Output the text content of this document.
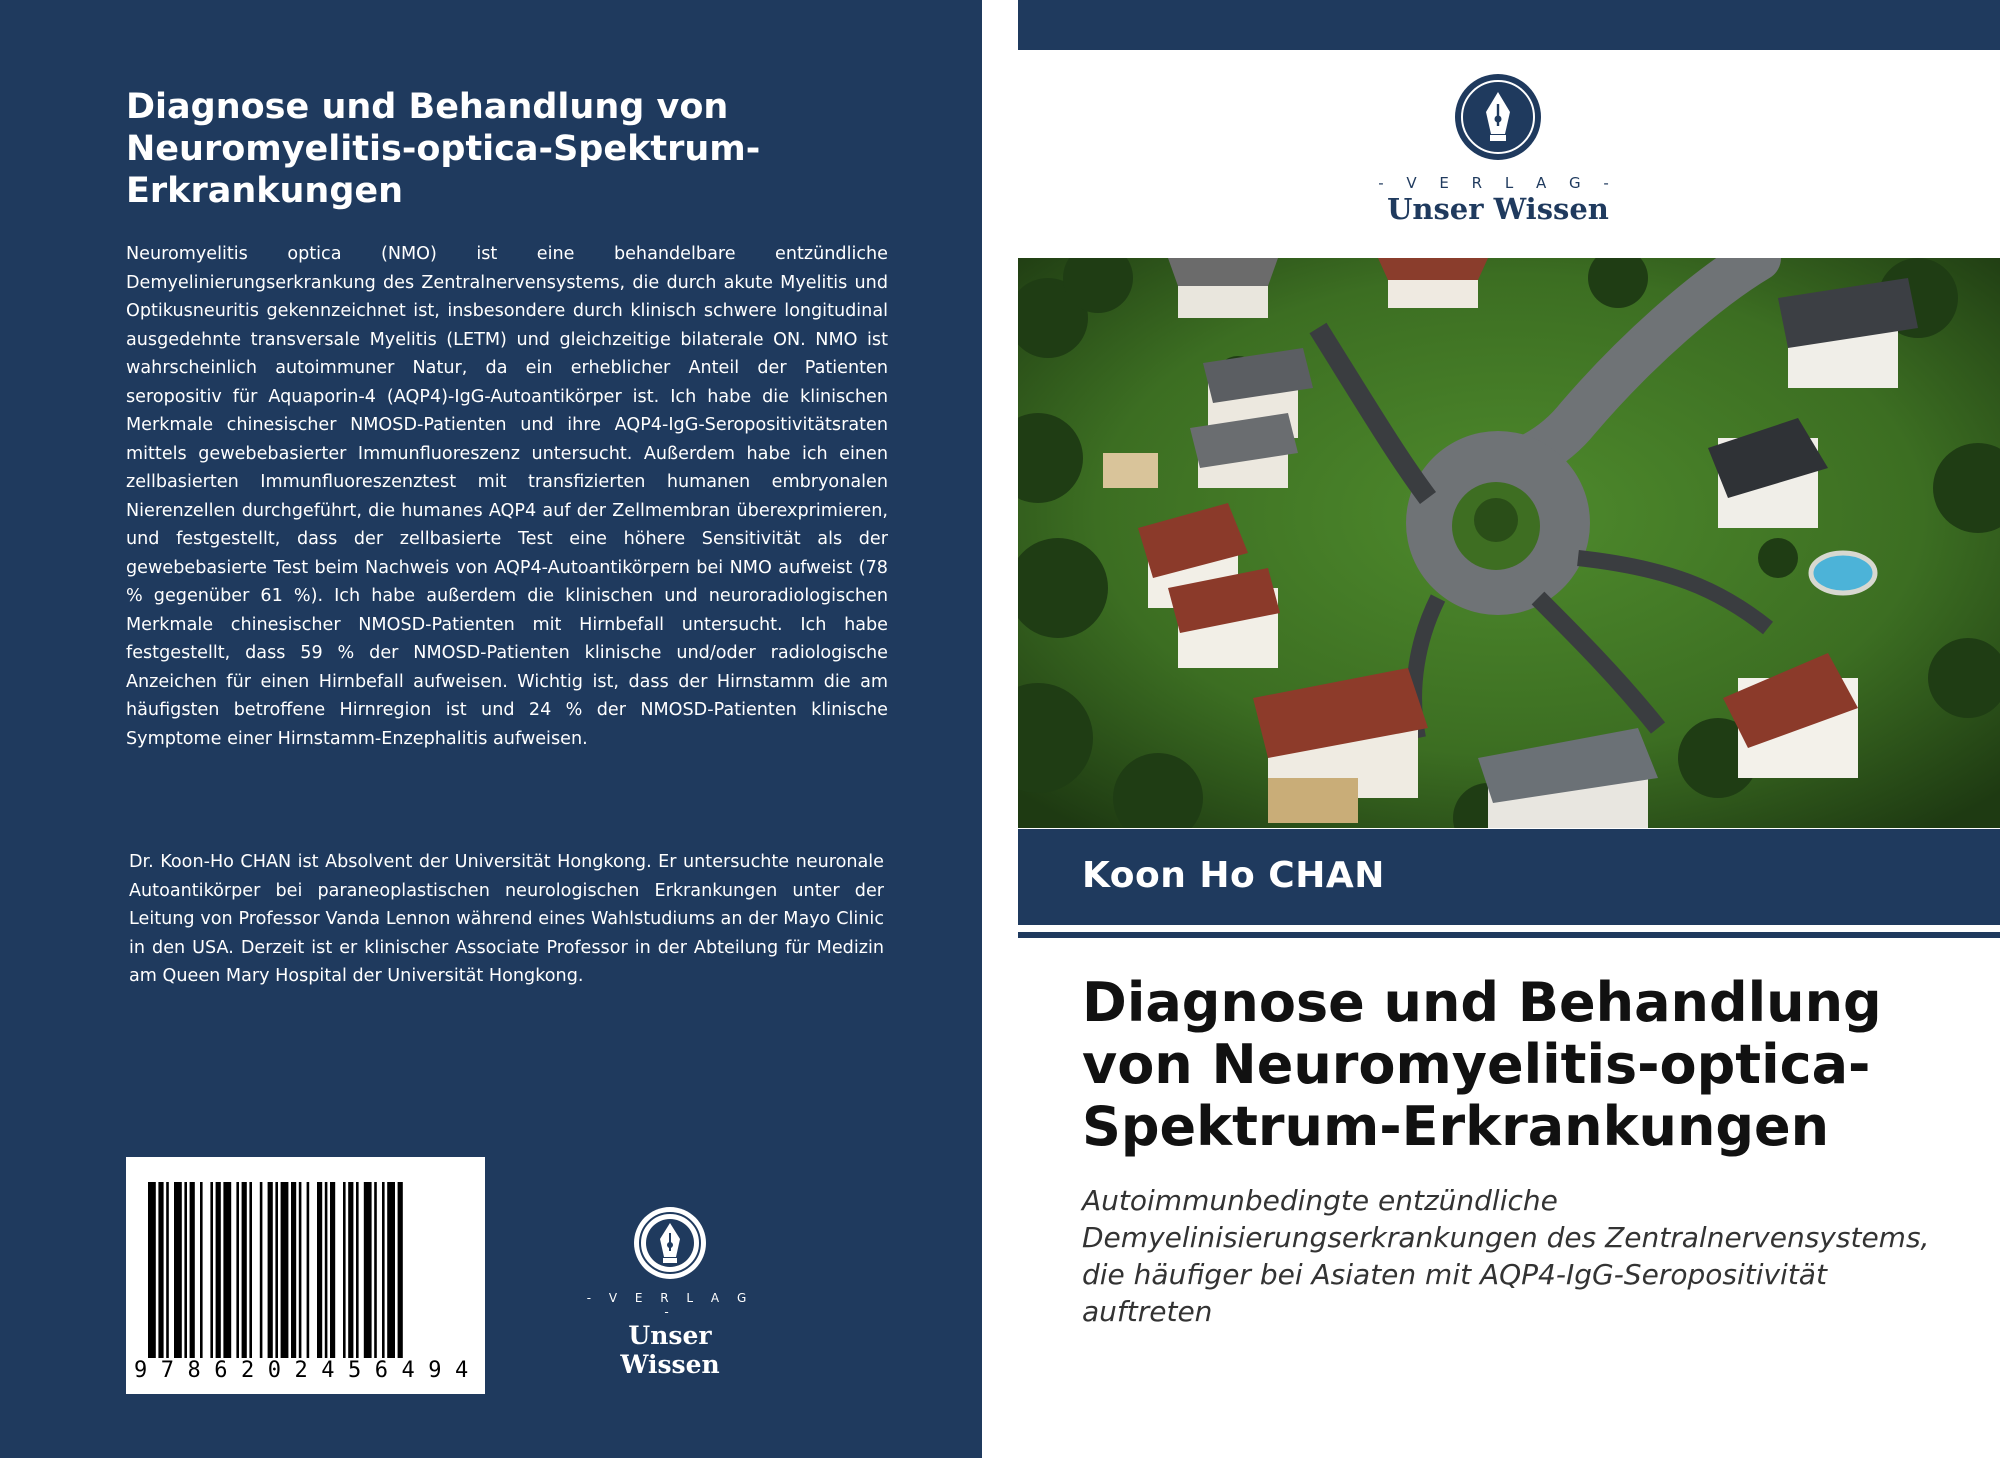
Diagnose und Behandlung von Neuromyelitis-optica-Spektrum-Erkrankungen
Neuromyelitis optica (NMO) ist eine behandelbare entzündliche Demyelinierungserkrankung des Zentralnervensystems, die durch akute Myelitis und Optikusneuritis gekennzeichnet ist, insbesondere durch klinisch schwere longitudinal ausgedehnte transversale Myelitis (LETM) und gleichzeitige bilaterale ON. NMO ist wahrscheinlich autoimmuner Natur, da ein erheblicher Anteil der Patienten seropositiv für Aquaporin-4 (AQP4)-IgG-Autoantikörper ist. Ich habe die klinischen Merkmale chinesischer NMOSD-Patienten und ihre AQP4-IgG-Seropositivitätsraten mittels gewebebasierter Immunfluoreszenz untersucht. Außerdem habe ich einen zellbasierten Immunfluoreszenztest mit transfizierten humanen embryonalen Nierenzellen durchgeführt, die humanes AQP4 auf der Zellmembran überexprimieren, und festgestellt, dass der zellbasierte Test eine höhere Sensitivität als der gewebebasierte Test beim Nachweis von AQP4-Autoantikörpern bei NMO aufweist (78 % gegenüber 61 %). Ich habe außerdem die klinischen und neuroradiologischen Merkmale chinesischer NMOSD-Patienten mit Hirnbefall untersucht. Ich habe festgestellt, dass 59 % der NMOSD-Patienten klinische und/oder radiologische Anzeichen für einen Hirnbefall aufweisen. Wichtig ist, dass der Hirnstamm die am häufigsten betroffene Hirnregion ist und 24 % der NMOSD-Patienten klinische Symptome einer Hirnstamm-Enzephalitis aufweisen.
Dr. Koon-Ho CHAN ist Absolvent der Universität Hongkong. Er untersuchte neuronale Autoantikörper bei paraneoplastischen neurologischen Erkrankungen unter der Leitung von Professor Vanda Lennon während eines Wahlstudiums an der Mayo Clinic in den USA. Derzeit ist er klinischer Associate Professor in der Abteilung für Medizin am Queen Mary Hospital der Universität Hongkong.
9786202456494
- V E R L A G -
Unser Wissen
- V E R L A G -
Unser Wissen
Koon Ho CHAN
Diagnose und Behandlung von Neuromyelitis-optica-Spektrum-Erkrankungen
Autoimmunbedingte entzündliche Demyelinisierungserkrankungen des Zentralnervensystems, die häufiger bei Asiaten mit AQP4-IgG-Seropositivität auftreten
